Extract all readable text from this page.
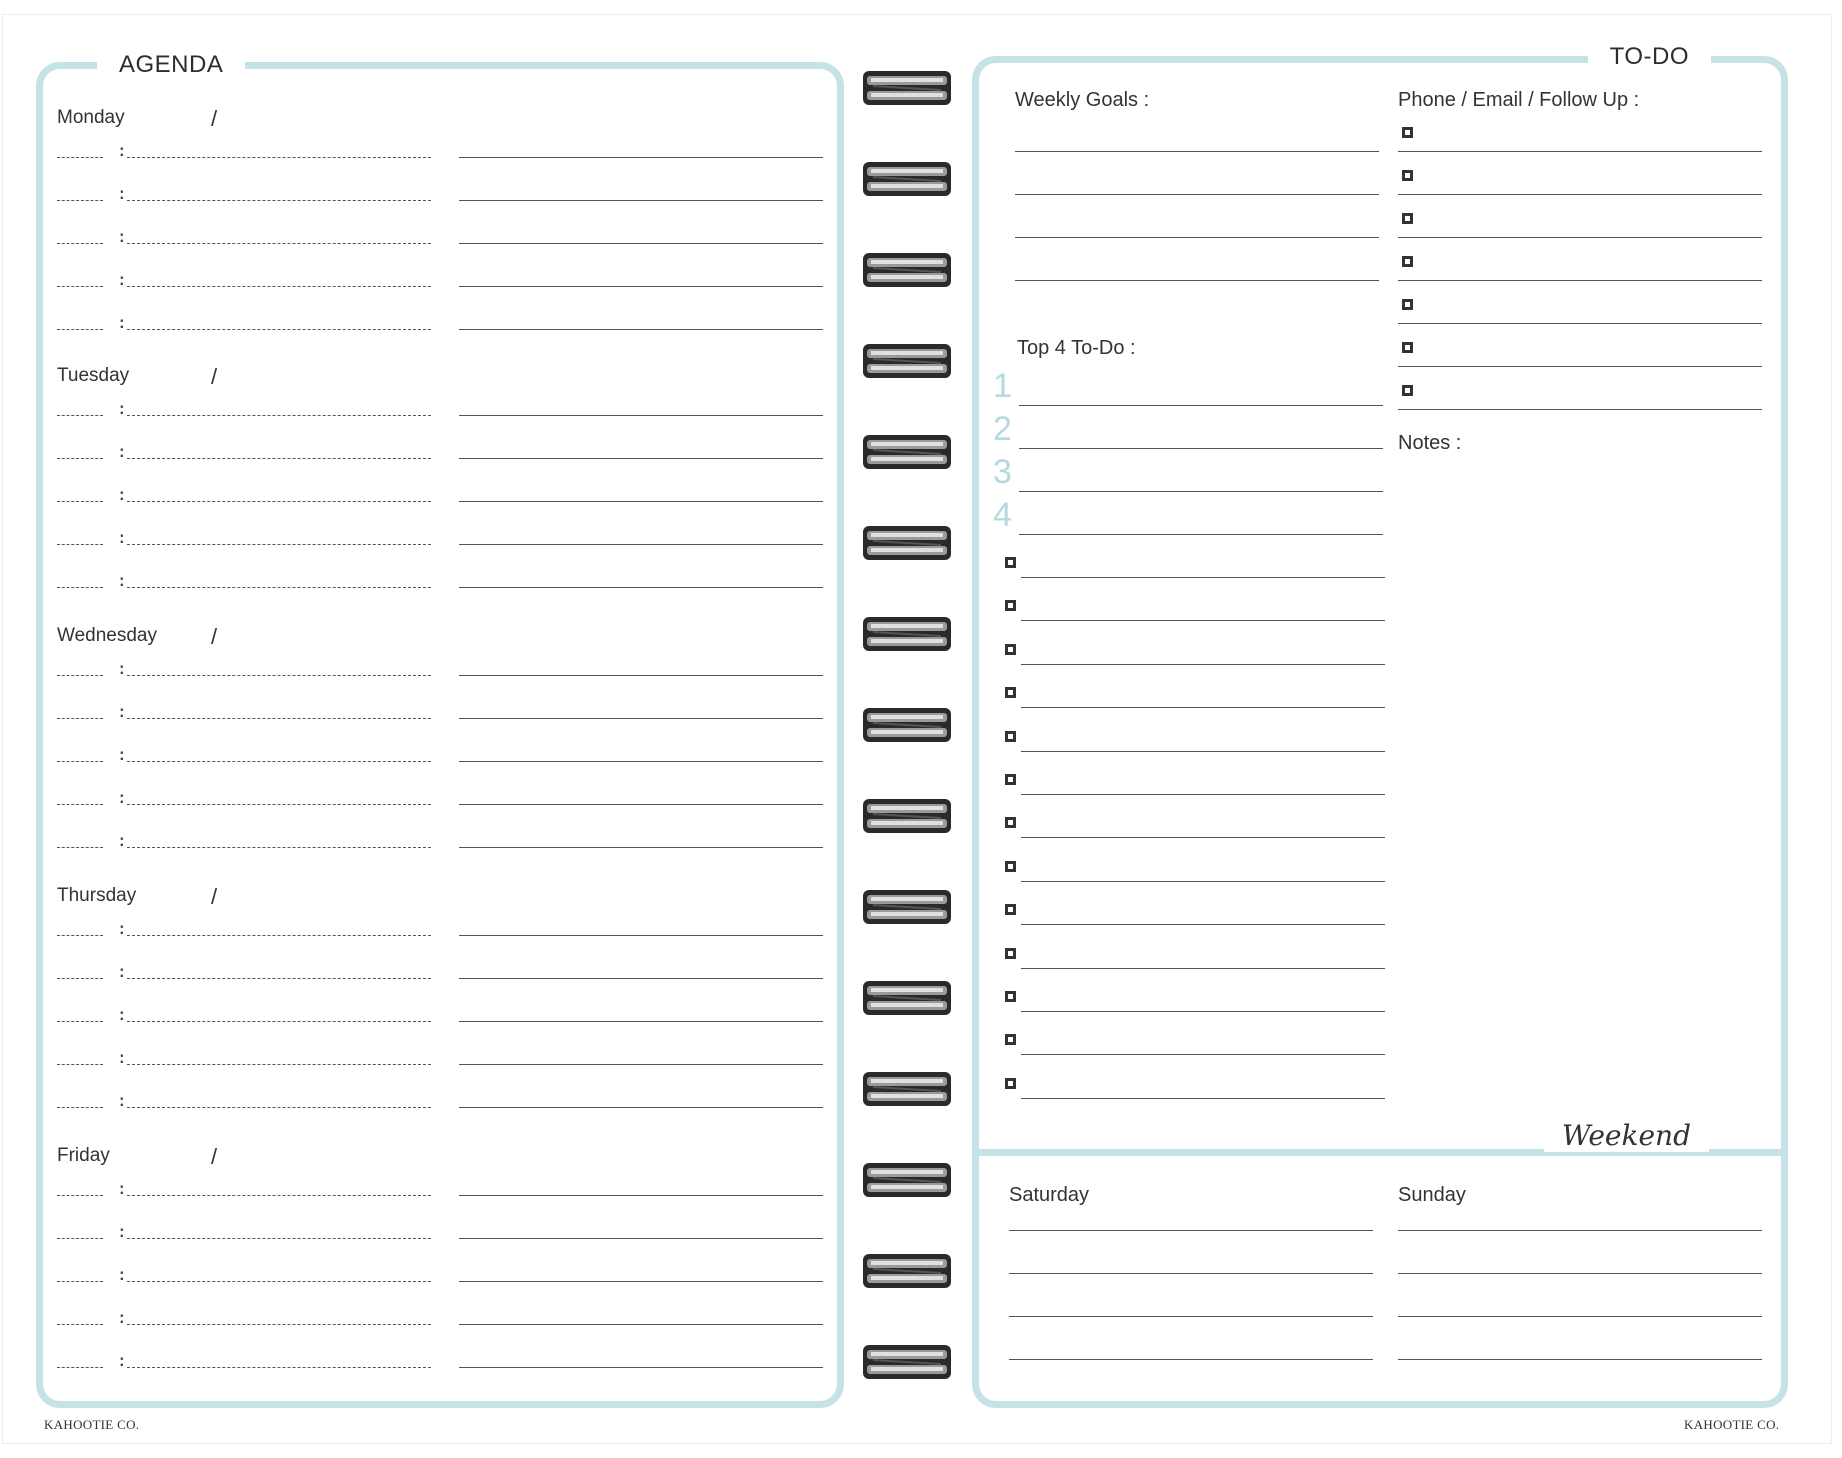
AGENDA
Monday	/
:
:
:
:
:
Tuesday	/
:
:
:
:
:
Wednesday /
:
:
:
:
:
Thursday	/
:
:
:
:
:
Friday	/
:
:
:
:
:
TO-DO
Weekly Goals :
Top 4 To-Do :
1
2
3
4
Phone / Email / Follow Up :
Notes :
Weekend
Saturday	Sunday
KAHOOTIE CO.	KAHOOTIE CO.
